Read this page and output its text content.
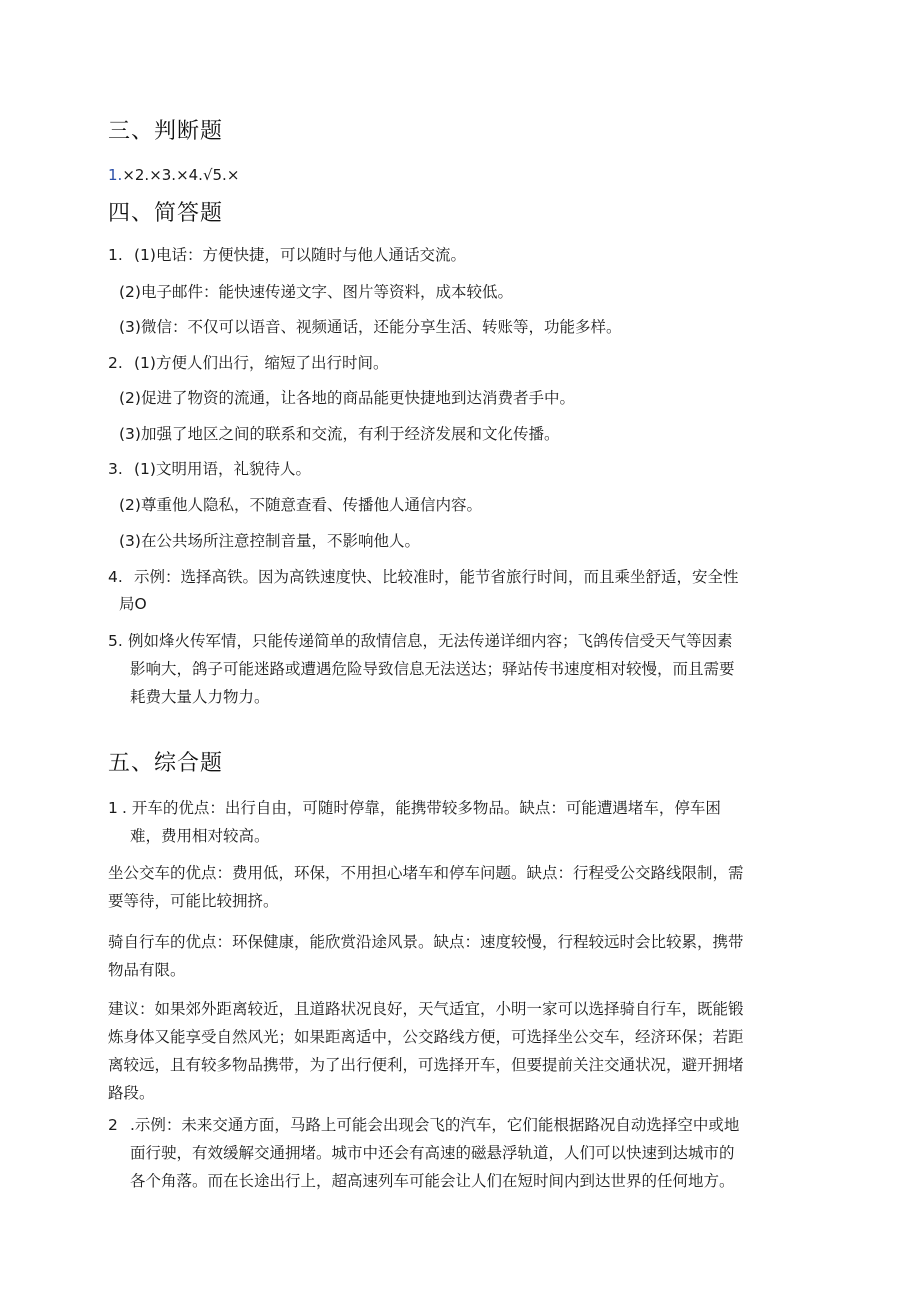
三、判断题
1.×2.×3.×4.√5.×
四、简答题
1. (1)电话：方便快捷，可以随时与他人通话交流。
(2)电子邮件：能快速传递文字、图片等资料，成本较低。
(3)微信：不仅可以语音、视频通话，还能分享生活、转账等，功能多样。
2. (1)方便人们出行，缩短了出行时间。
(2)促进了物资的流通，让各地的商品能更快捷地到达消费者手中。
(3)加强了地区之间的联系和交流，有利于经济发展和文化传播。
3. (1)文明用语，礼貌待人。
(2)尊重他人隐私，不随意查看、传播他人通信内容。
(3)在公共场所注意控制音量，不影响他人。
4. 示例：选择高铁。因为高铁速度快、比较准时，能节省旅行时间，而且乘坐舒适，安全性
局O
5. 例如烽火传军情，只能传递简单的敌情信息，无法传递详细内容；飞鸽传信受天气等因素
影响大，鸽子可能迷路或遭遇危险导致信息无法送达；驿站传书速度相对较慢，而且需要
耗费大量人力物力。
五、综合题
1 . 开车的优点：出行自由，可随时停靠，能携带较多物品。缺点：可能遭遇堵车，停车困
难，费用相对较高。
坐公交车的优点：费用低，环保，不用担心堵车和停车问题。缺点：行程受公交路线限制，需
要等待，可能比较拥挤。
骑自行车的优点：环保健康，能欣赏沿途风景。缺点：速度较慢，行程较远时会比较累，携带
物品有限。
建议：如果郊外距离较近，且道路状况良好，天气适宜，小明一家可以选择骑自行车，既能锻
炼身体又能享受自然风光；如果距离适中，公交路线方便，可选择坐公交车，经济环保；若距
离较远，且有较多物品携带，为了出行便利，可选择开车，但要提前关注交通状况，避开拥堵
路段。
2 .示例：未来交通方面，马路上可能会出现会飞的汽车，它们能根据路况自动选择空中或地
面行驶，有效缓解交通拥堵。城市中还会有高速的磁悬浮轨道，人们可以快速到达城市的
各个角落。而在长途出行上，超高速列车可能会让人们在短时间内到达世界的任何地方。
